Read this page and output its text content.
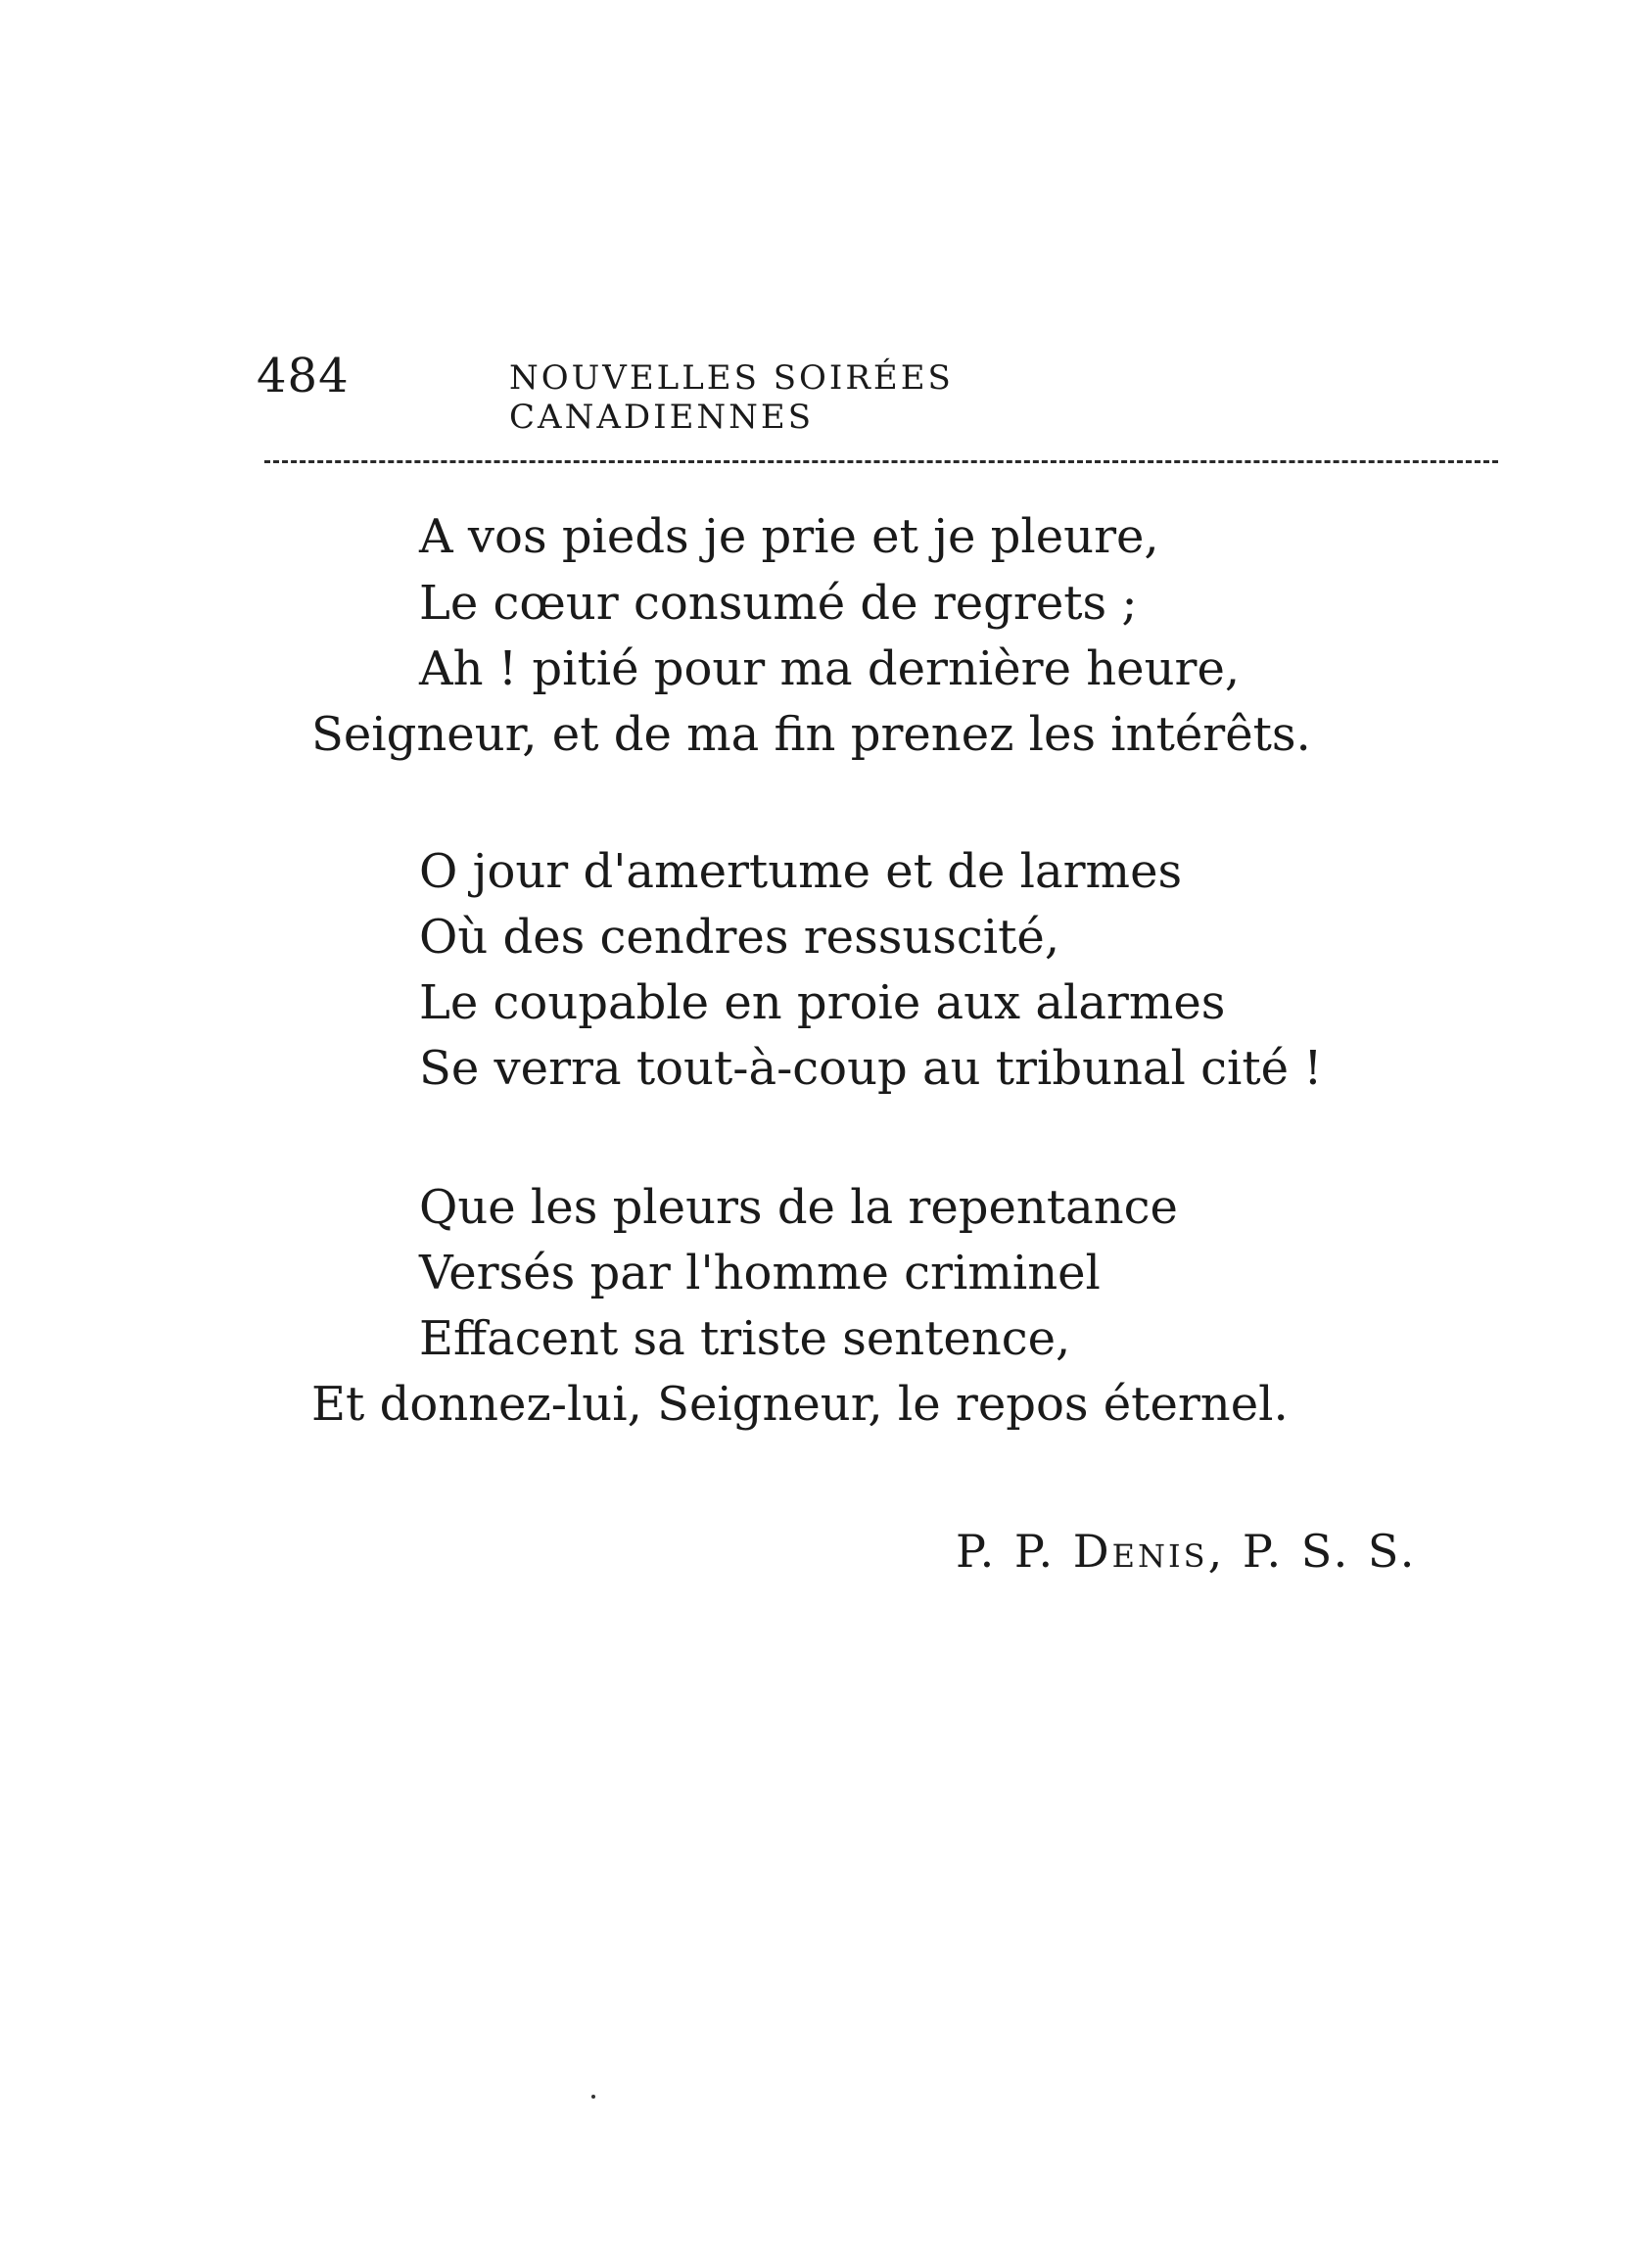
484	NOUVELLES SOIRÉES CANADIENNES
A vos pieds je prie et je pleure,
Le cœur consumé de regrets ;
Ah ! pitié pour ma dernière heure,
Seigneur, et de ma fin prenez les intérêts.
O jour d'amertume et de larmes
Où des cendres ressuscité,
Le coupable en proie aux alarmes
Se verra tout-à-coup au tribunal cité !
Que les pleurs de la repentance
Versés par l'homme criminel
Effacent sa triste sentence,
Et donnez-lui, Seigneur, le repos éternel.
P. P. Denis, P. S. S.
